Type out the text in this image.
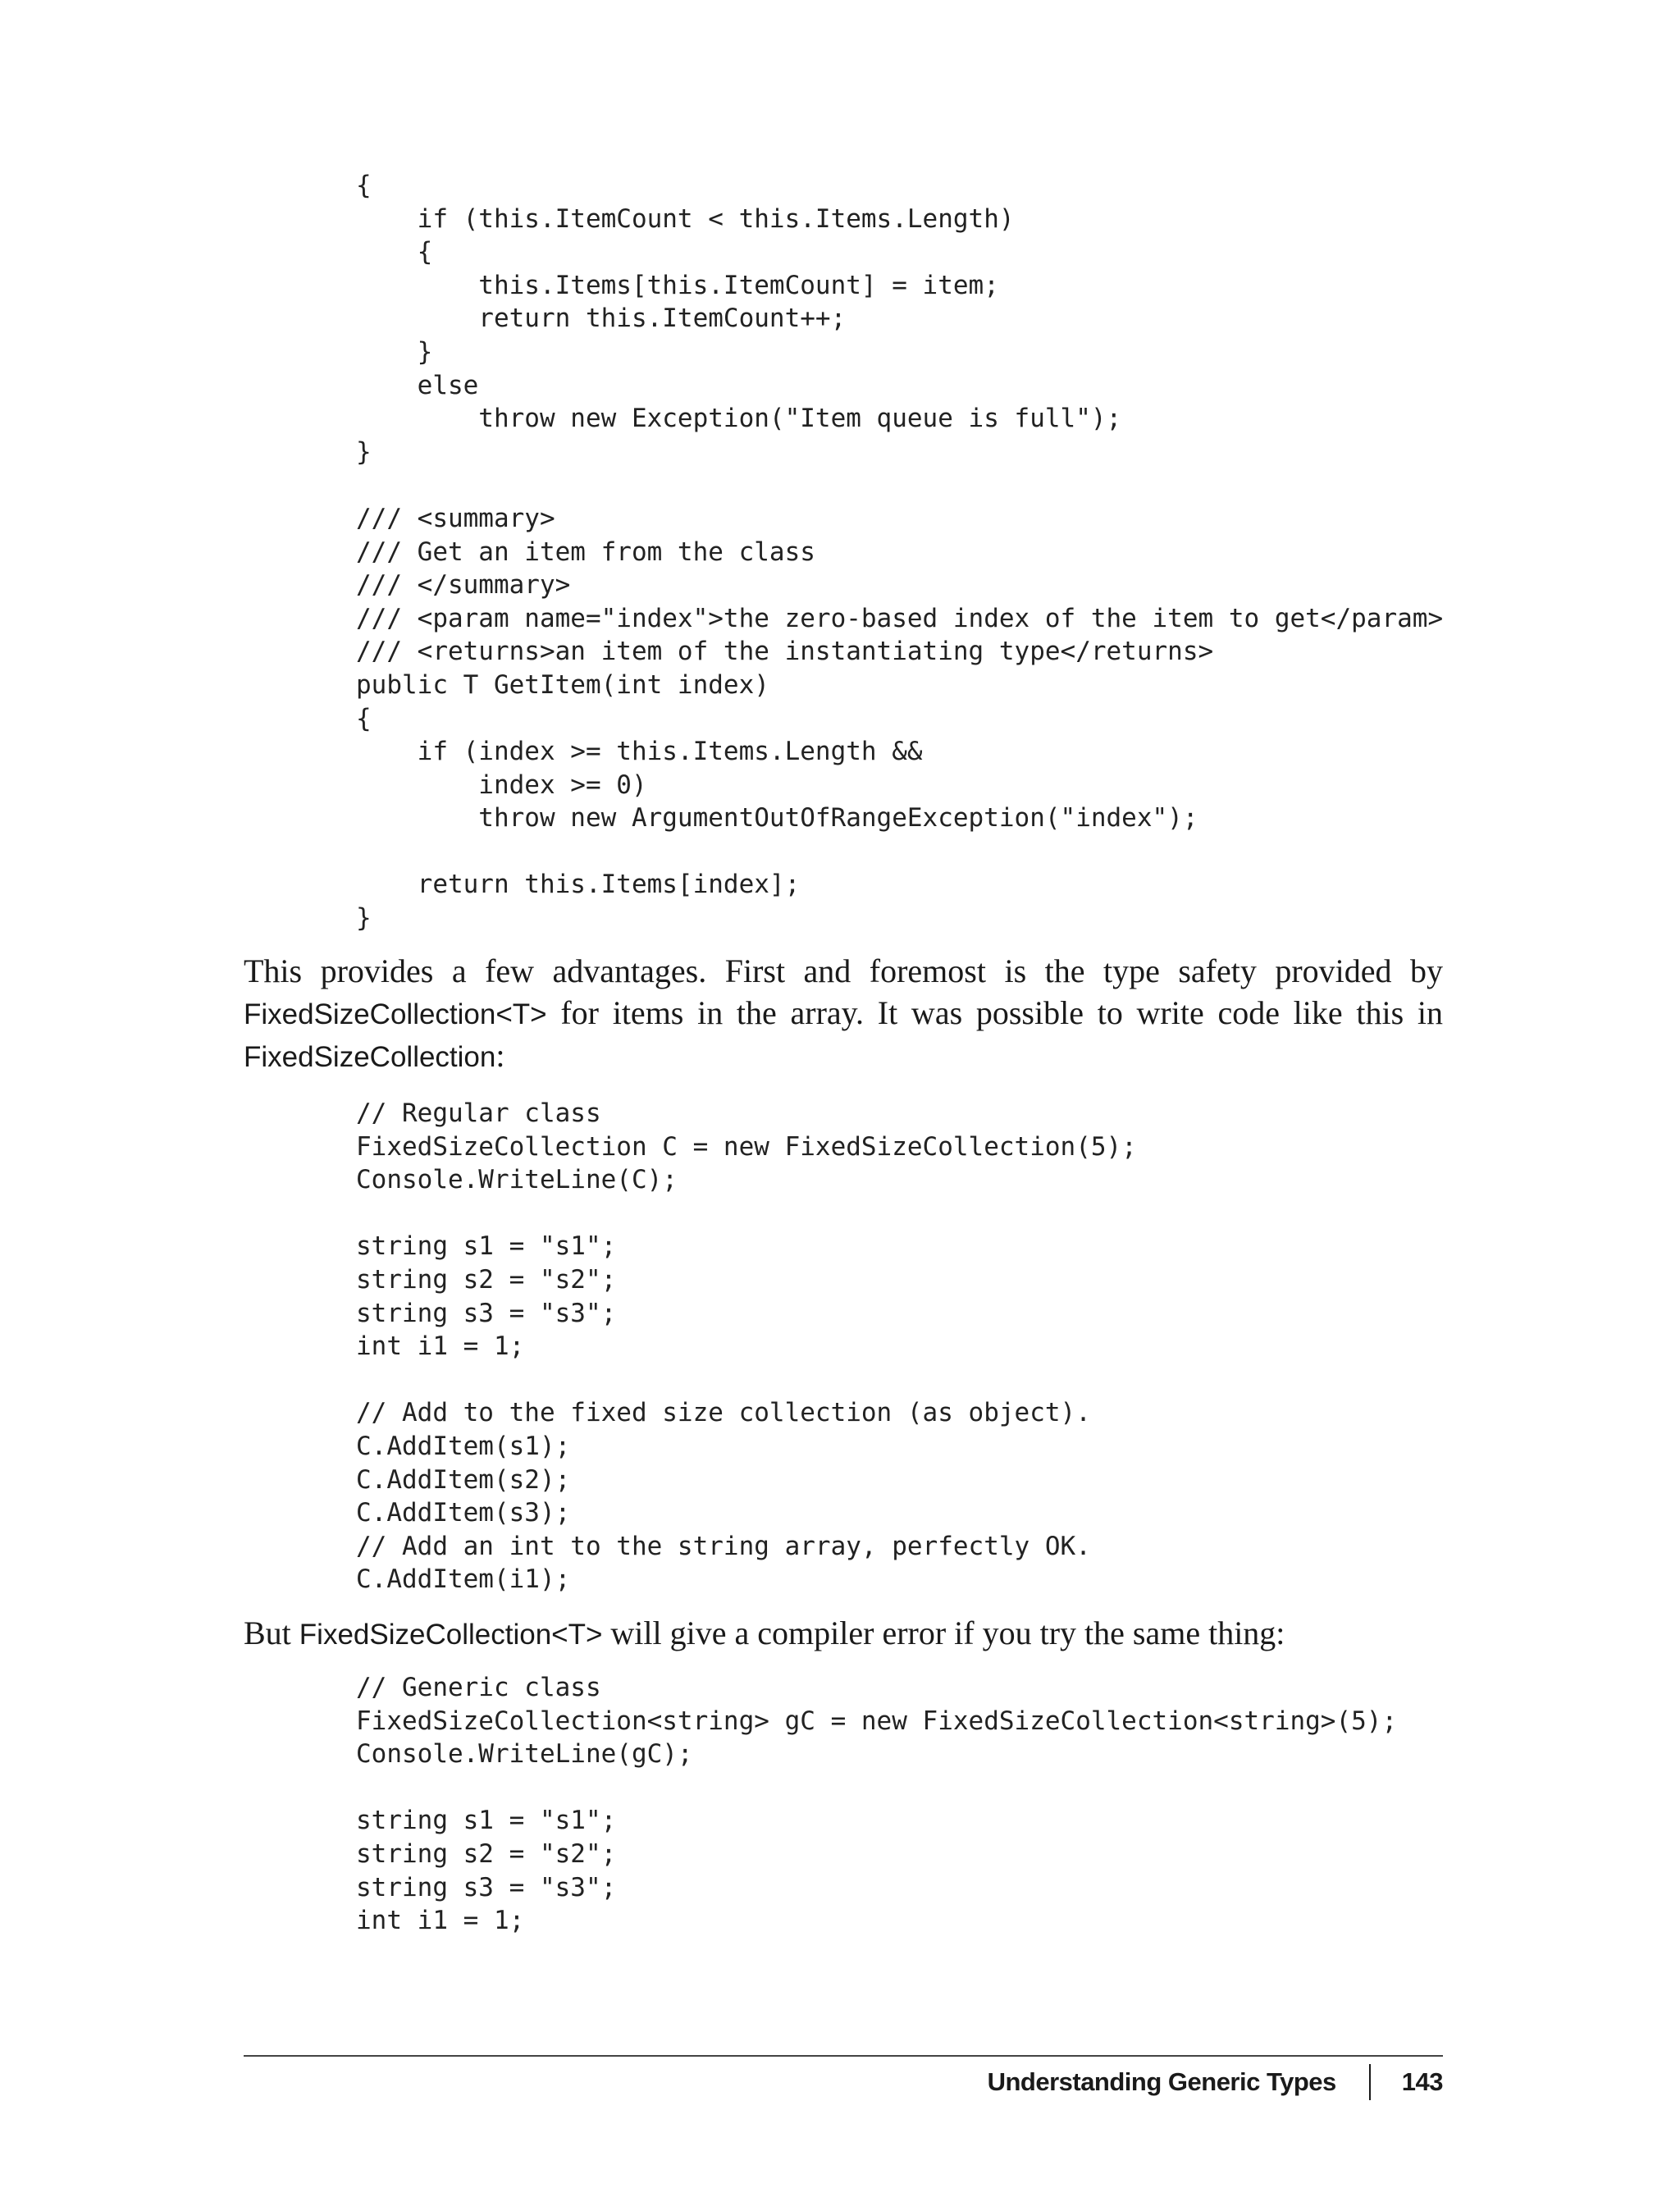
{
if (this.ItemCount < this.Items.Length)
{
this.Items[this.ItemCount] = item;
return this.ItemCount++;
}
else
throw new Exception("Item queue is full");
}

/// <summary>
/// Get an item from the class
/// </summary>
/// <param name="index">the zero-based index of the item to get</param>
/// <returns>an item of the instantiating type</returns>
public T GetItem(int index)
{
if (index >= this.Items.Length &&
index >= 0)
throw new ArgumentOutOfRangeException("index");

return this.Items[index];
}

This provides a few advantages. First and foremost is the type safety provided by FixedSizeCollection<T> for items in the array. It was possible to write code like this in FixedSizeCollection:

// Regular class
FixedSizeCollection C = new FixedSizeCollection(5);
Console.WriteLine(C);

string s1 = "s1";
string s2 = "s2";
string s3 = "s3";
int i1 = 1;

// Add to the fixed size collection (as object).
C.AddItem(s1);
C.AddItem(s2);
C.AddItem(s3);
// Add an int to the string array, perfectly OK.
C.AddItem(i1);

But FixedSizeCollection<T> will give a compiler error if you try the same thing:

// Generic class
FixedSizeCollection<string> gC = new FixedSizeCollection<string>(5);
Console.WriteLine(gC);

string s1 = "s1";
string s2 = "s2";
string s3 = "s3";
int i1 = 1;
Understanding Generic Types	143
